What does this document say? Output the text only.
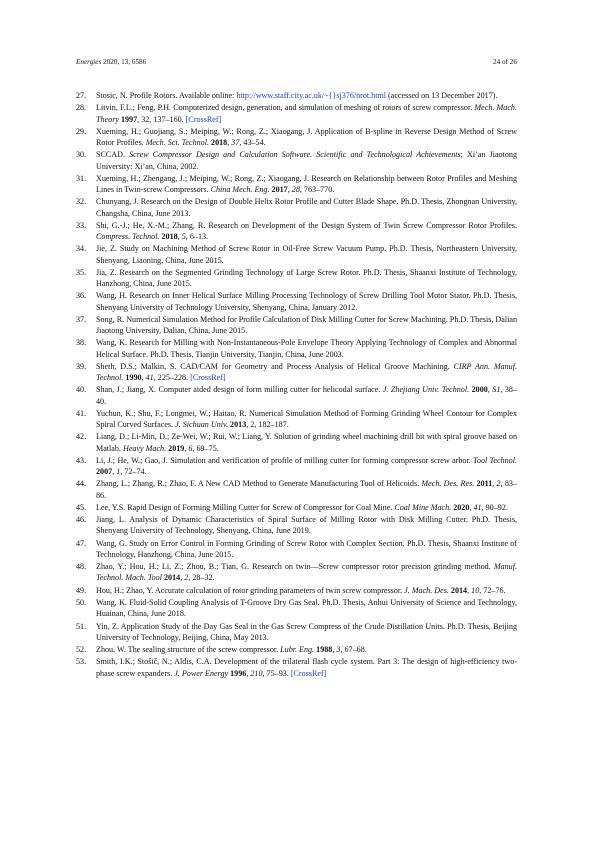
Energies 2020, 13, 6586	24 of 26
27.	Stosic, N. Profile Rotors. Available online: http://www.staff.city.ac.uk/~{}sj376/nrot.html (accessed on 13 December 2017).
28.	Litvin, F.L.; Feng, P.H. Computerized design, generation, and simulation of meshing of rotors of screw compressor. Mech. Mach. Theory 1997, 32, 137–160. [CrossRef]
29.	Xueming, H.; Guojiang, S.; Meiping, W.; Rong, Z.; Xiaogang, J. Application of B-spline in Reverse Design Method of Screw Rotor Profiles. Mech. Sci. Technol. 2018, 37, 43–54.
30.	SCCAD. Screw Compressor Design and Calculation Software. Scientific and Technological Achievements; Xi’an Jiaotong University: Xi’an, China, 2002.
31.	Xueming, H.; Zhengang, J.; Meiping, W.; Rong, Z.; Xiaogang, J. Research on Relationship between Rotor Profiles and Meshing Lines in Twin-screw Compressors. China Mech. Eng. 2017, 28, 763–770.
32.	Chunyang, J. Research on the Design of Double Helix Rotor Profile and Cutter Blade Shape. Ph.D. Thesis, Zhongnan University, Changsha, China, June 2013.
33.	Shi, G.-J.; He, X.-M.; Zhang, R. Research on Development of the Design System of Twin Screw Compressor Rotor Profiles. Compress. Technol. 2018, 5, 6–13.
34.	Jie, Z. Study on Machining Method of Screw Rotor in Oil-Free Screw Vacuum Pump. Ph.D. Thesis, Northeastern University, Shenyang, Liaoning, China, June 2015.
35.	Jia, Z. Research on the Segmented Grinding Technology of Large Screw Rotor. Ph.D. Thesis, Shaanxi Institute of Technology, Hanzhong, China, June 2015.
36.	Wang, H. Research on Inner Helical Surface Milling Processing Technology of Screw Drilling Tool Motor Stator. Ph.D. Thesis, Shenyang University of Technology University, Shenyang, China, January 2012.
37.	Song, R. Numerical Simulation Method for Profile Calculation of Disk Milling Cutter for Screw Machining. Ph.D. Thesis, Dalian Jiaotong University, Dalian, China, June 2015.
38.	Wang, K. Research for Milling with Non-Instantaneous-Pole Envelope Theory Applying Technology of Complex and Abnormal Helical Surface. Ph.D. Thesis, Tianjin University, Tianjin, China, June 2003.
39.	Sheth, D.S.; Malkin, S. CAD/CAM for Geometry and Process Analysis of Helical Groove Machining. CIRP Ann. Manuf. Technol. 1990, 41, 225–228. [CrossRef]
40.	Shan, J.; Jiang, X. Computer aided design of form milling cutter for helicodal surface. J. Zhejiang Univ. Technol. 2000, S1, 38–40.
41.	Yuchun, K.; Shu, F.; Longmei, W.; Haitao, R. Numerical Simulation Method of Forming Grinding Wheel Contour for Complex Spiral Curved Surfaces. J. Sichuan Univ. 2013, 2, 182–187.
42.	Liang, D.; Li-Min, D.; Ze-Wei, W.; Rui, W.; Liang, Y. Solution of grinding wheel machining drill bit with spiral groove based on Matlab. Heavy Mach. 2019, 6, 69–75.
43.	Li, J.; He, W.; Gao, J. Simulation and verification of profile of milling cutter for forming compressor screw arbor. Tool Technol. 2007, 1, 72–74.
44.	Zhang, L.; Zhang, R.; Zhao, F. A New CAD Method to Generate Manufacturing Tool of Helicoids. Mech. Des. Res. 2011, 2, 83–86.
45.	Lee, Y.S. Rapid Design of Forming Milling Cutter for Screw of Compressor for Coal Mine. Coal Mine Mach. 2020, 41, 90–92.
46.	Jiang, L. Analysis of Dynamic Characteristics of Spiral Surface of Milling Rotor with Disk Milling Cutter. Ph.D. Thesis, Shenyang University of Technology, Shenyang, China, June 2019.
47.	Wang, G. Study on Error Control in Forming Grinding of Screw Rotor with Complex Section. Ph.D. Thesis, Shaanxi Institute of Technology, Hanzhong, China, June 2015.
48.	Zhao, Y.; Hou, H.; Li, Z.; Zhou, B.; Tian, G. Research on twin—Screw compressor rotor precision grinding method. Manuf. Technol. Mach. Tool 2014, 2, 28–32.
49.	Hou, H.; Zhao, Y. Accurate calculation of rotor grinding parameters of twin screw compressor. J. Mach. Des. 2014, 10, 72–76.
50.	Wang, K. Fluid-Solid Coupling Analysis of T-Groove Dry Gas Seal. Ph.D. Thesis, Anhui University of Science and Technology, Huainan, China, June 2018.
51.	Yin, Z. Application Study of the Day Gas Seal in the Gas Screw Compress of the Crude Distillation Units. Ph.D. Thesis, Beijing University of Technology, Beijing, China, May 2013.
52.	Zhou, W. The sealing structure of the screw compressor. Lubr. Eng. 1988, 3, 67–68.
53.	Smith, I.K.; Stošič, N.; Aldis, C.A. Development of the trilateral flash cycle system. Part 3: The design of high-efficiency two-phase screw expanders. J. Power Energy 1996, 210, 75–93. [CrossRef]
